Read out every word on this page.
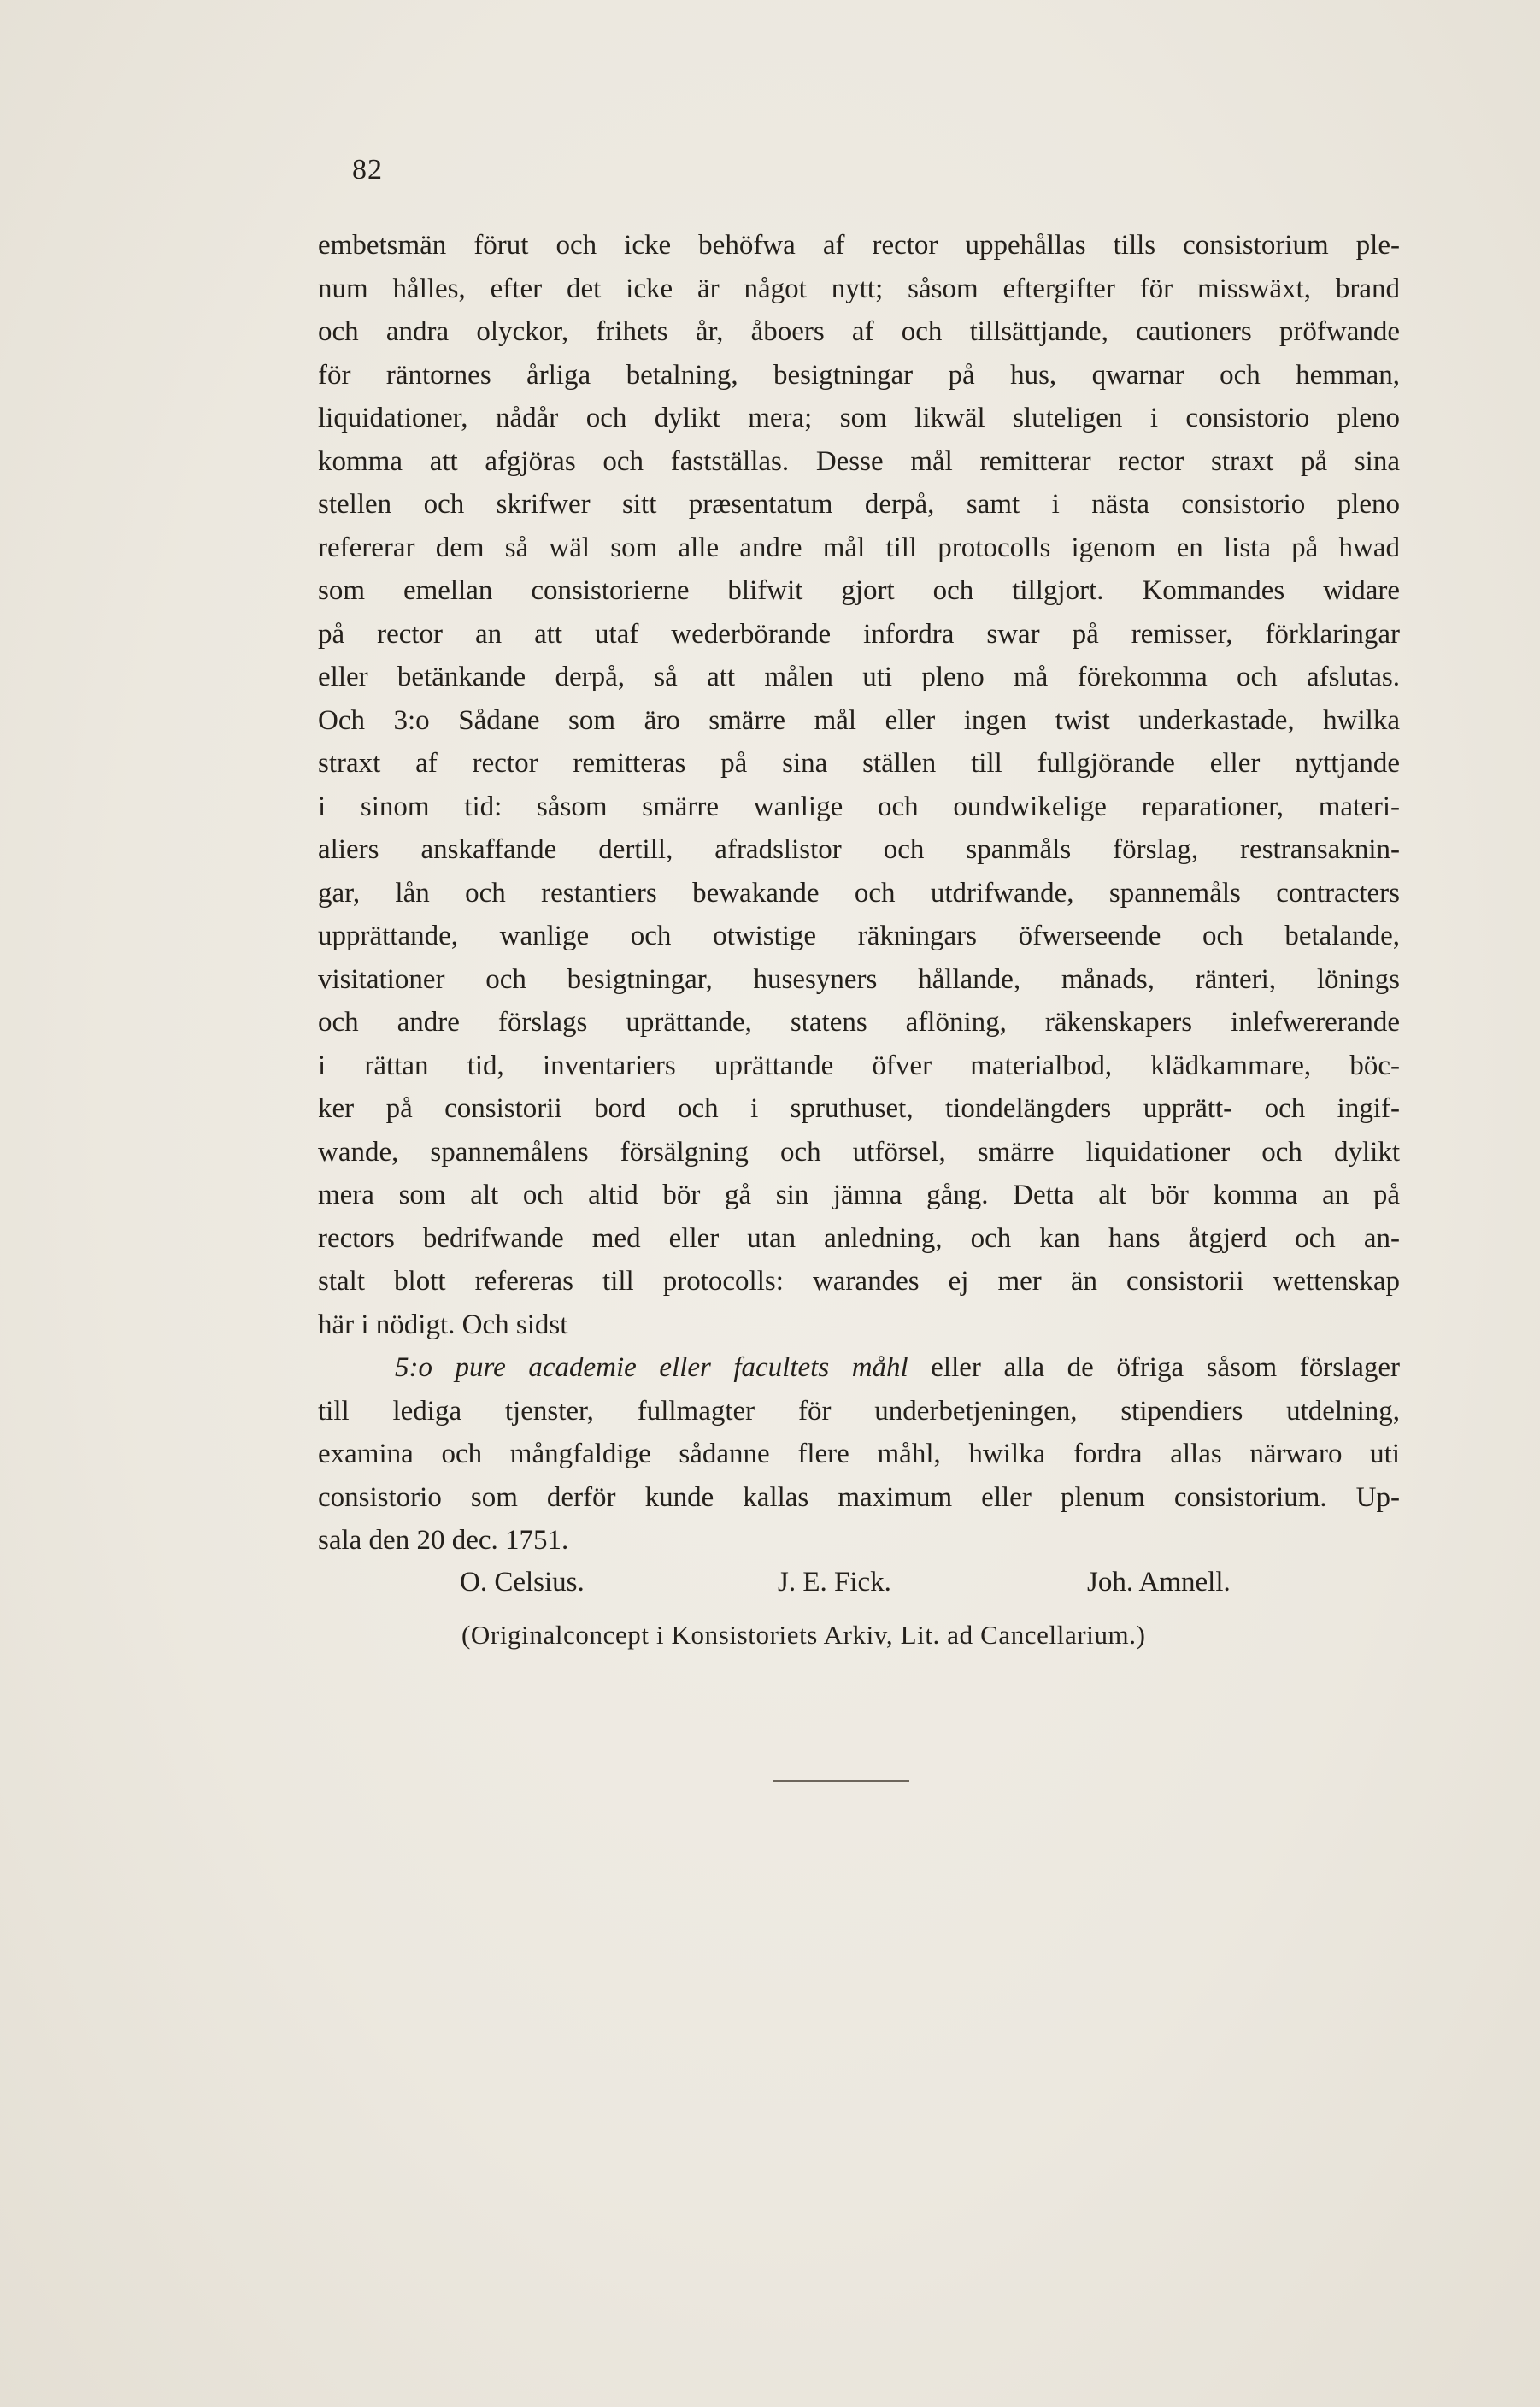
82
embetsmän förut och icke behöfwa af rector uppehållas tills consistorium ple-
num hålles, efter det icke är något nytt; såsom eftergifter för misswäxt, brand
och andra olyckor, frihets år, åboers af och tillsättjande, cautioners pröfwande
för räntornes årliga betalning, besigtningar på hus, qwarnar och hemman,
liquidationer, nådår och dylikt mera; som likwäl sluteligen i consistorio pleno
komma att afgjöras och fastställas. Desse mål remitterar rector straxt på sina
stellen och skrifwer sitt præsentatum derpå, samt i nästa consistorio pleno
refererar dem så wäl som alle andre mål till protocolls igenom en lista på hwad
som emellan consistorierne blifwit gjort och tillgjort. Kommandes widare
på rector an att utaf wederbörande infordra swar på remisser, förklaringar
eller betänkande derpå, så att målen uti pleno må förekomma och afslutas.
Och 3:o Sådane som äro smärre mål eller ingen twist underkastade, hwilka
straxt af rector remitteras på sina ställen till fullgjörande eller nyttjande
i sinom tid: såsom smärre wanlige och oundwikelige reparationer, materi-
aliers anskaffande dertill, afradslistor och spanmåls förslag, restransaknin-
gar, lån och restantiers bewakande och utdrifwande, spannemåls contracters
upprättande, wanlige och otwistige räkningars öfwerseende och betalande,
visitationer och besigtningar, husesyners hållande, månads, ränteri, lönings
och andre förslags uprättande, statens aflöning, räkenskapers inlefwererande
i rättan tid, inventariers uprättande öfver materialbod, klädkammare, böc-
ker på consistorii bord och i spruthuset, tiondelängders upprätt- och ingif-
wande, spannemålens försälgning och utförsel, smärre liquidationer och dylikt
mera som alt och altid bör gå sin jämna gång. Detta alt bör komma an på
rectors bedrifwande med eller utan anledning, och kan hans åtgjerd och an-
stalt blott refereras till protocolls: warandes ej mer än consistorii wettenskap
här i nödigt. Och sidst
5:o pure academie eller facultets måhl eller alla de öfriga såsom förslager
till lediga tjenster, fullmagter för underbetjeningen, stipendiers utdelning,
examina och mångfaldige sådanne flere måhl, hwilka fordra allas närwaro uti
consistorio som derför kunde kallas maximum eller plenum consistorium. Up-
sala den 20 dec. 1751.
O. Celsius.	J. E. Fick.	Joh. Amnell.
(Originalconcept i Konsistoriets Arkiv, Lit. ad Cancellarium.)
